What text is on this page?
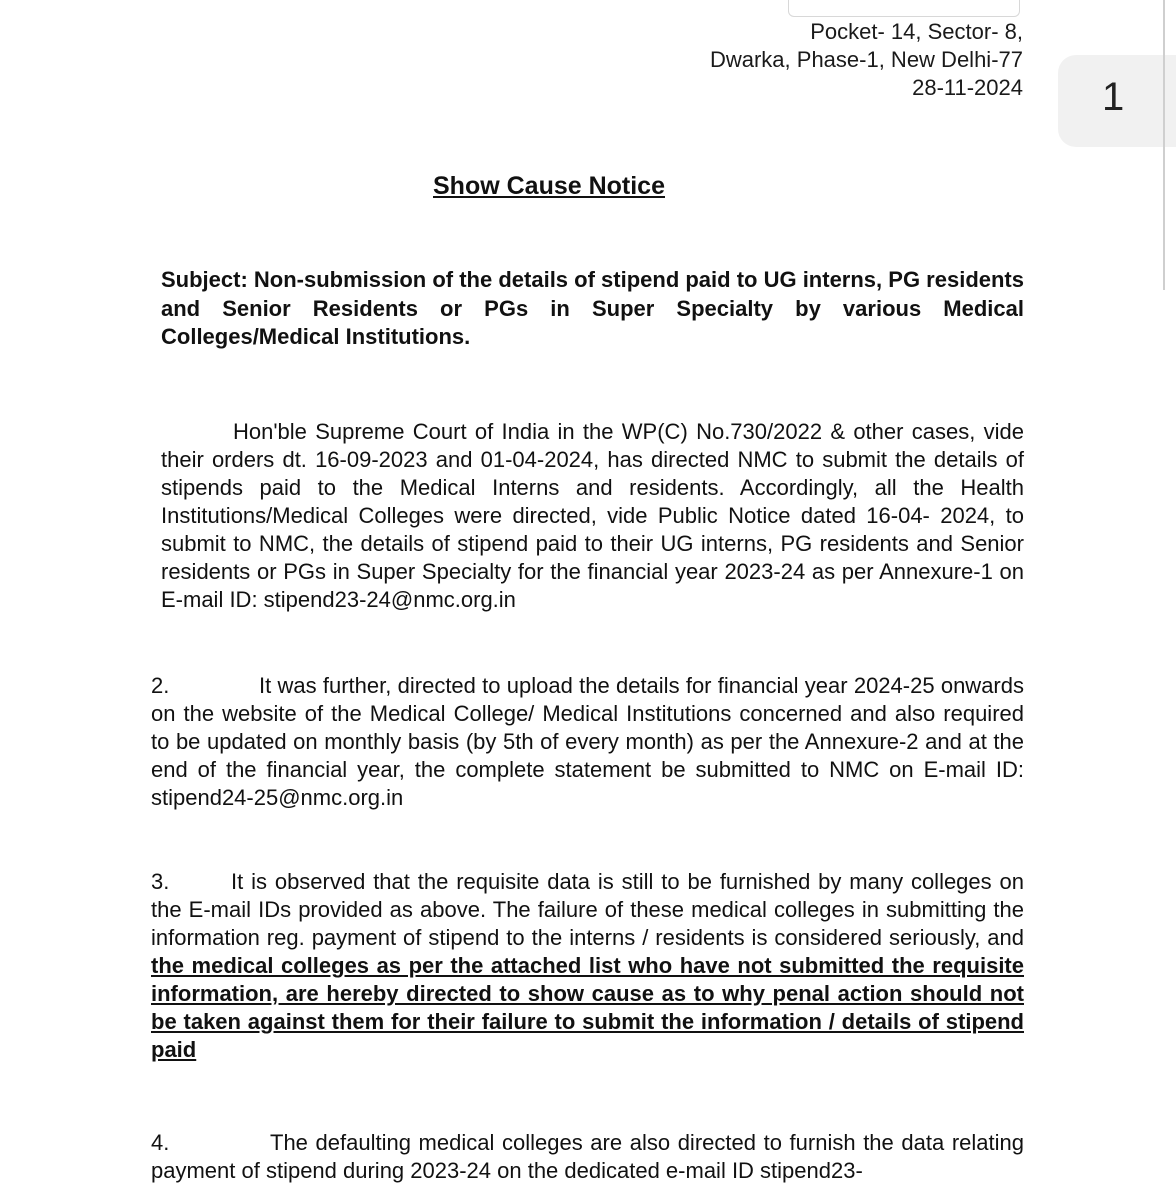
Pocket- 14, Sector- 8,
Dwarka, Phase-1, New Delhi-77
28-11-2024 1
Show Cause Notice
Subject: Non-submission of the details of stipend paid to UG interns, PG residents and Senior Residents or PGs in Super Specialty by various Medical Colleges/Medical Institutions.
Hon'ble Supreme Court of India in the WP(C) No.730/2022 & other cases, vide their orders dt. 16-09-2023 and 01-04-2024, has directed NMC to submit the details of stipends paid to the Medical Interns and residents. Accordingly, all the Health Institutions/Medical Colleges were directed, vide Public Notice dated 16-04- 2024, to submit to NMC, the details of stipend paid to their UG interns, PG residents and Senior residents or PGs in Super Specialty for the financial year 2023-24 as per Annexure-1 on E-mail ID: stipend23-24@nmc.org.in
2.	It was further, directed to upload the details for financial year 2024-25 onwards on the website of the Medical College/ Medical Institutions concerned and also required to be updated on monthly basis (by 5th of every month) as per the Annexure-2 and at the end of the financial year, the complete statement be submitted to NMC on E-mail ID: stipend24-25@nmc.org.in
3.	It is observed that the requisite data is still to be furnished by many colleges on the E-mail IDs provided as above. The failure of these medical colleges in submitting the information reg. payment of stipend to the interns / residents is considered seriously, and the medical colleges as per the attached list who have not submitted the requisite information, are hereby directed to show cause as to why penal action should not be taken against them for their failure to submit the information / details of stipend paid
4.	The defaulting medical colleges are also directed to furnish the data relating payment of stipend during 2023-24 on the dedicated e-mail ID stipend23-
